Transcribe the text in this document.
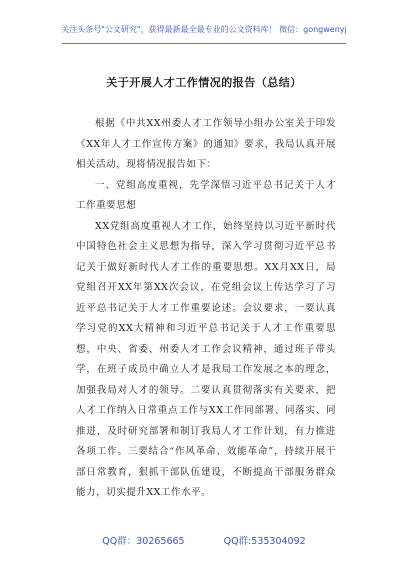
关注头条号"公文研究"，获得最新最全最专业的公文资料库！ 微信：gongwenyj
关于开展人才工作情况的报告（总结）

根据《中共XX州委人才工作领导小组办公室关于印发《XX年人才工作宣传方案》的通知》要求，我局认真开展相关活动，现将情况报告如下：

一、党组高度重视，先学深悟习近平总书记关于人才工作重要思想

XX党组高度重视人才工作，始终坚持以习近平新时代中国特色社会主义思想为指导，深入学习贯彻习近平总书记关于做好新时代人才工作的重要思想。XX月XX日，局党组召开XX年第XX次会议，在党组会议上传达学习了习近平总书记关于人才工作重要论述。会议要求，一要认真学习党的XX大精神和习近平总书记关于人才工作重要思想，中央、省委、州委人才工作会议精神，通过班子带头学，在班子成员中确立人才是我局工作发展之本的理念，加强我局对人才的领导。二要认真贯彻落实有关要求，把人才工作纳入日常重点工作与XX工作同部署、同落实、同推进，及时研究部署和制订我局人才工作计划，有力推进各项工作。三要结合“作风革命、效能革命”，持续开展干部日常教育，狠抓干部队伍建设，不断提高干部服务群众能力，切实提升XX工作水平。

QQ群：30265665	QQ群:535304092
